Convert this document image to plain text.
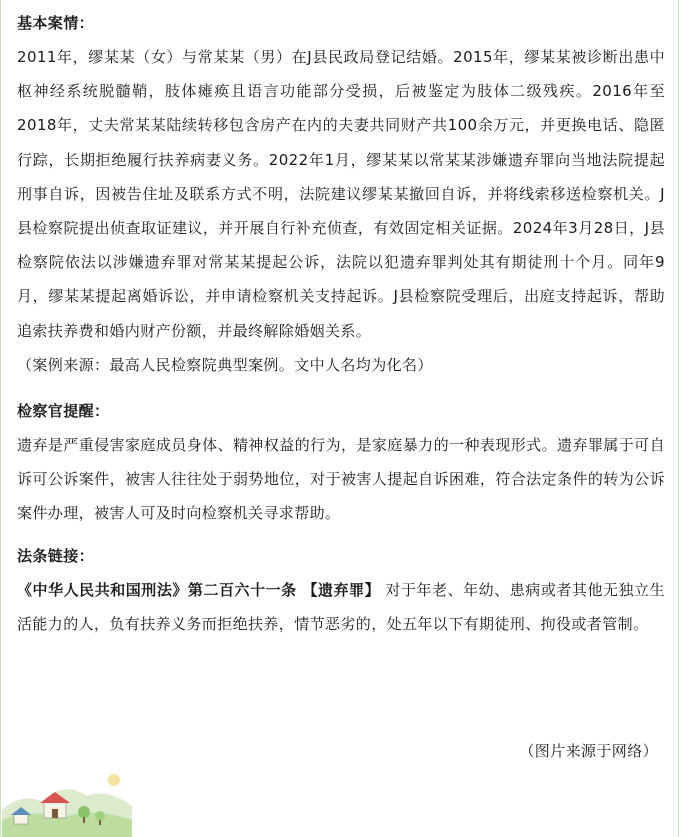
基本案情：

2011年，缪某某（女）与常某某（男）在J县民政局登记结婚。2015年，缪某某被诊断出患中枢神经系统脱髓鞘，肢体瘫痪且语言功能部分受损，后被鉴定为肢体二级残疾。2016年至2018年，丈夫常某某陆续转移包含房产在内的夫妻共同财产共100余万元，并更换电话、隐匿行踪，长期拒绝履行扶养病妻义务。2022年1月，缪某某以常某某涉嫌遗弃罪向当地法院提起刑事自诉，因被告住址及联系方式不明，法院建议缪某某撤回自诉，并将线索移送检察机关。J县检察院提出侦查取证建议，并开展自行补充侦查，有效固定相关证据。2024年3月28日，J县检察院依法以涉嫌遗弃罪对常某某提起公诉，法院以犯遗弃罪判处其有期徒刑十个月。同年9月，缪某某提起离婚诉讼，并申请检察机关支持起诉。J县检察院受理后，出庭支持起诉，帮助追索扶养费和婚内财产份额，并最终解除婚姻关系。

（案例来源：最高人民检察院典型案例。文中人名均为化名）

检察官提醒：

遗弃是严重侵害家庭成员身体、精神权益的行为，是家庭暴力的一种表现形式。遗弃罪属于可自诉可公诉案件，被害人往往处于弱势地位，对于被害人提起自诉困难，符合法定条件的转为公诉案件办理，被害人可及时向检察机关寻求帮助。

法条链接：

《中华人民共和国刑法》第二百六十一条 【遗弃罪】 对于年老、年幼、患病或者其他无独立生活能力的人，负有扶养义务而拒绝扶养，情节恶劣的，处五年以下有期徒刑、拘役或者管制。

（图片来源于网络）
